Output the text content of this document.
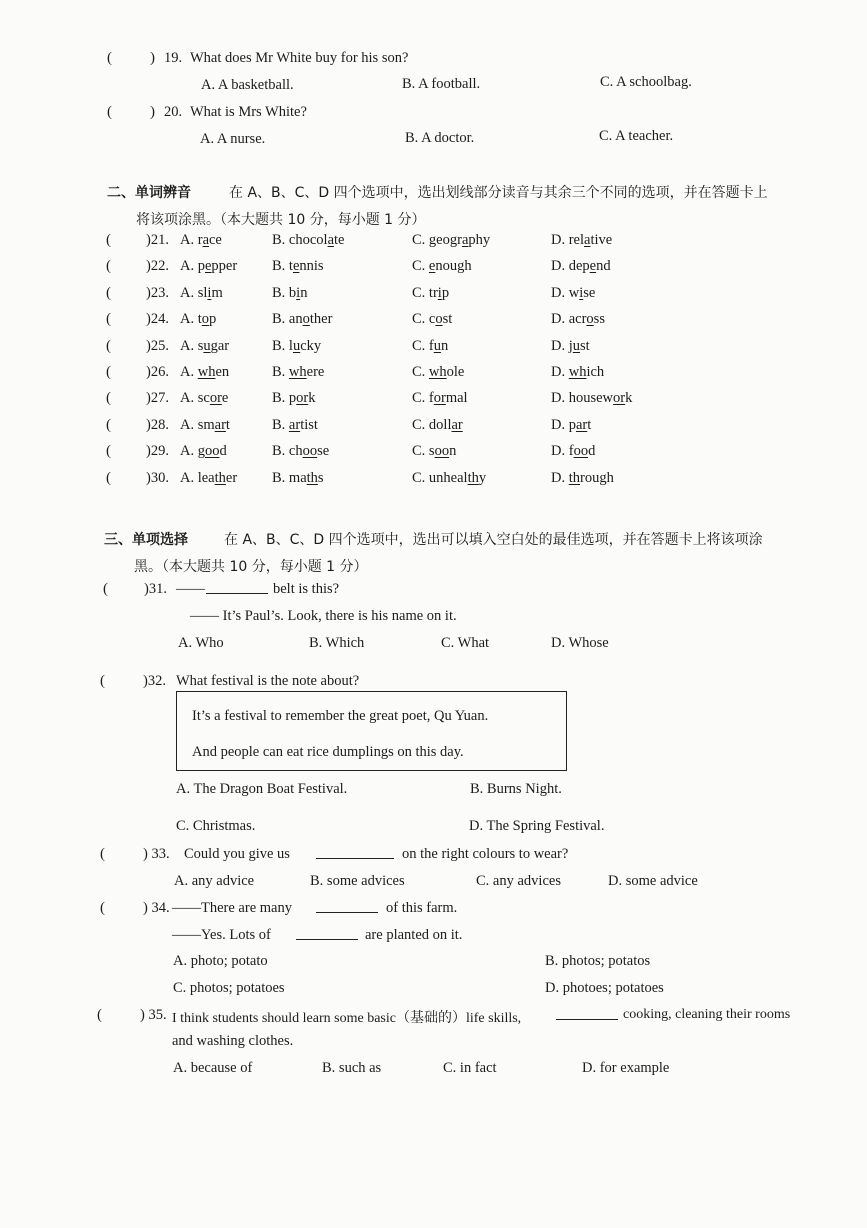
(	) 19. What does Mr White buy for his son?
A. A basketball.	B. A football.	C. A schoolbag.
(	) 20. What is Mrs White?
A. A nurse.	B. A doctor.	C. A teacher.
二、单词辨音	在 A、B、C、D 四个选项中，选出划线部分读音与其余三个不同的选项，并在答题卡上
将该项涂黑。（本大题共 10 分，每小题 1 分）
( )21. A. race	B. chocolate	C. geography	D. relative
( )22. A. pepper B. tennis	C. enough	D. depend
( )23. A. slim	B. bin	C. trip	D. wise
( )24. A. top	B. another	C. cost	D. across
( )25. A. sugar	B. lucky	C. fun	D. just
( )26. A. when	B. where	C. whole	D. which
( )27. A. score	B. pork	C. formal	D. housework
( )28. A. smart	B. artist	C. dollar	D. part
( )29. A. good	B. choose	C. soon	D. food
( )30. A. leather B. maths	C. unhealthy	D. through
三、单项选择	在 A、B、C、D 四个选项中，选出可以填入空白处的最佳选项，并在答题卡上将该项涂
黑。（本大题共 10 分，每小题 1 分）
( )31. ——	belt is this?
—— It’s Paul’s. Look, there is his name on it.
A. Who	B. Which	C. What	D. Whose
(	)32. What festival is the note about?
It’s a festival to remember the great poet, Qu Yuan.
And people can eat rice dumplings on this day.
A. The Dragon Boat Festival.	B. Burns Night.
C. Christmas.	D. The Spring Festival.
(	) 33. Could you give us	on the right colours to wear?
A. any advice	B. some advices	C. any advices	D. some advice
(	) 34. ——There are many	of this farm.
——Yes. Lots of	are planted on it.
A. photo; potato	B. photos; potatos
C. photos; potatoes	D. photoes; potatoes
(	) 35. I think students should learn some basic（基础的）life skills,	cooking, cleaning their rooms
and washing clothes.
A. because of	B. such as	C. in fact	D. for example
